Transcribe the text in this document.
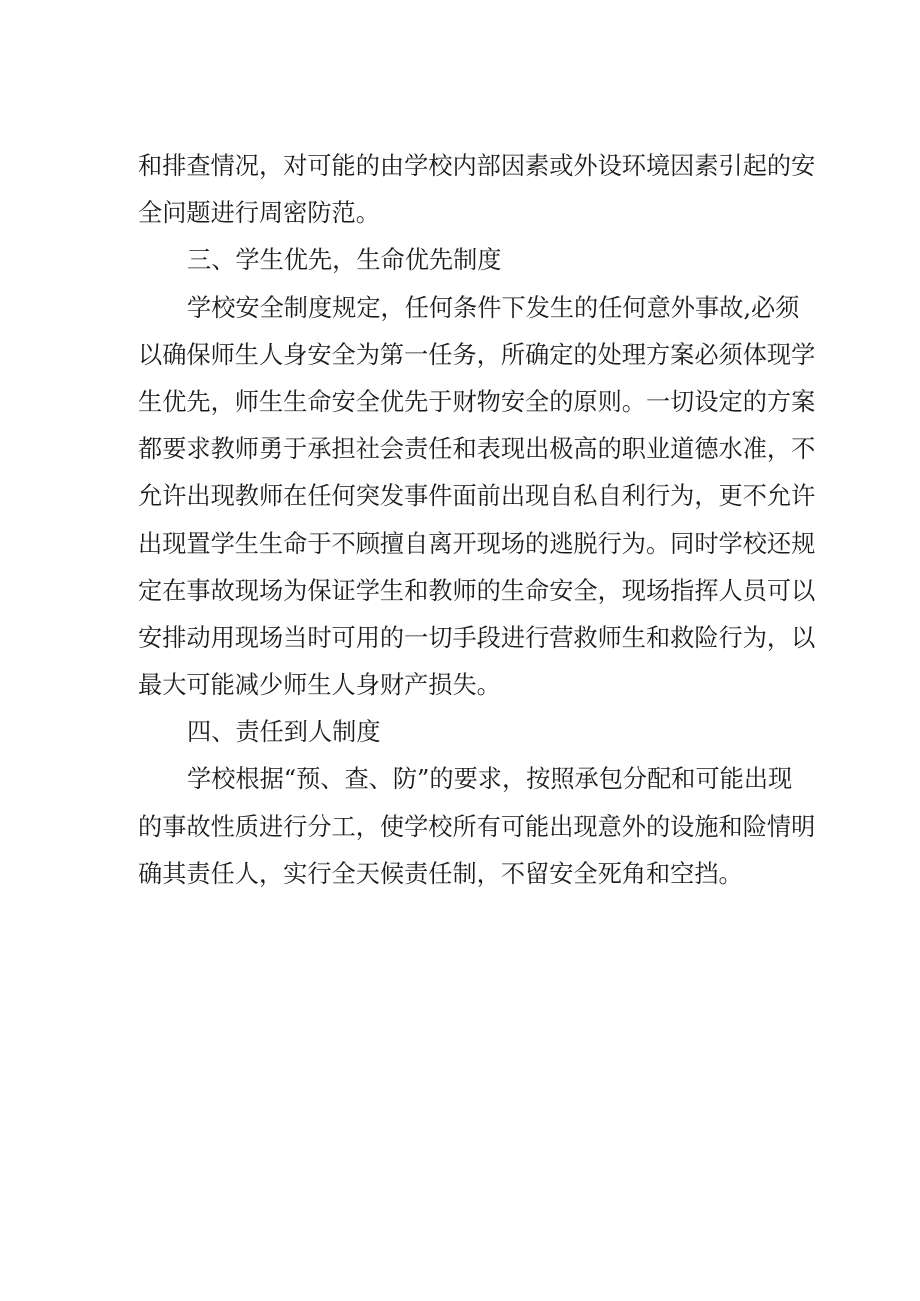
和排查情况，对可能的由学校内部因素或外设环境因素引起的安
全问题进行周密防范。
三、学生优先，生命优先制度
学校安全制度规定，任何条件下发生的任何意外事故,必须
以确保师生人身安全为第一任务，所确定的处理方案必须体现学
生优先，师生生命安全优先于财物安全的原则。一切设定的方案
都要求教师勇于承担社会责任和表现出极高的职业道德水准，不
允许出现教师在任何突发事件面前出现自私自利行为，更不允许
出现置学生生命于不顾擅自离开现场的逃脱行为。同时学校还规
定在事故现场为保证学生和教师的生命安全，现场指挥人员可以
安排动用现场当时可用的一切手段进行营救师生和救险行为，以
最大可能减少师生人身财产损失。
四、责任到人制度
学校根据“预、查、防”的要求，按照承包分配和可能出现
的事故性质进行分工，使学校所有可能出现意外的设施和险情明
确其责任人，实行全天候责任制，不留安全死角和空挡。
